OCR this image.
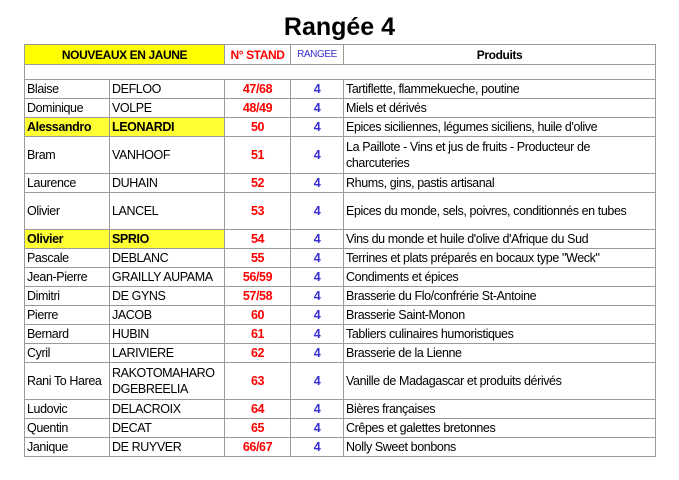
Rangée 4
NOUVEAUX EN JAUNE		N° STAND	RANGEE	Produits

Blaise	DEFLOO	47/68	4	Tartiflette, flammekueche, poutine
Dominique	VOLPE	48/49	4	Miels et dérivés
Alessandro	LEONARDI	50	4	Epices siciliennes, légumes siciliens, huile d'olive
Bram	VANHOOF	51	4	La Paillote - Vins et jus de fruits - Producteur de charcuteries
Laurence	DUHAIN	52	4	Rhums, gins, pastis artisanal
Olivier	LANCEL	53	4	Epices du monde, sels, poivres, conditionnés en tubes
Olivier	SPRIO	54	4	Vins du monde et huile d'olive d'Afrique du Sud
Pascale	DEBLANC	55	4	Terrines et plats préparés en bocaux type "Weck"
Jean-Pierre	GRAILLY AUPAMA	56/59	4	Condiments et épices
Dimitri	DE GYNS	57/58	4	Brasserie du Flo/confrérie St-Antoine
Pierre	JACOB	60	4	Brasserie Saint-Monon
Bernard	HUBIN	61	4	Tabliers culinaires humoristiques
Cyril	LARIVIERE	62	4	Brasserie de la Lienne
Rani To Harea	RAKOTOMAHARO DGEBREELIA	63	4	Vanille de Madagascar et produits dérivés
Ludovic	DELACROIX	64	4	Bières françaises
Quentin	DECAT	65	4	Crêpes et galettes bretonnes
Janique	DE RUYVER	66/67	4	Nolly Sweet bonbons
